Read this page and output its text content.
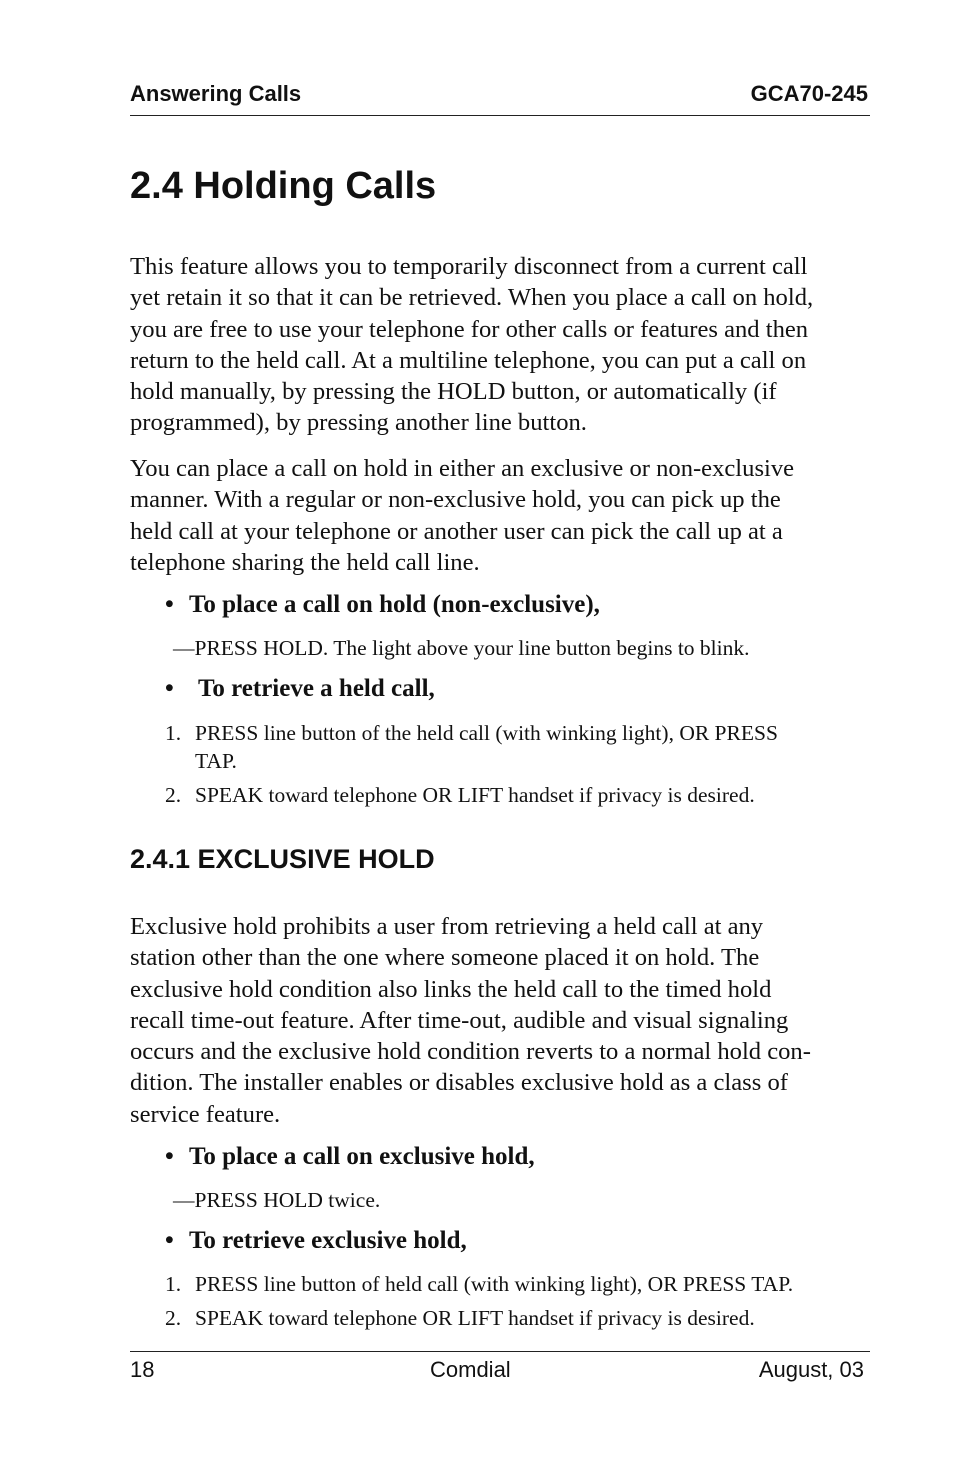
Answering Calls	GCA70-245
2.4 Holding Calls
This feature allows you to temporarily disconnect from a current call
yet retain it so that it can be retrieved. When you place a call on hold,
you are free to use your telephone for other calls or features and then
return to the held call. At a multiline telephone, you can put a call on
hold manually, by pressing the HOLD button, or automatically (if
programmed), by pressing another line button.
You can place a call on hold in either an exclusive or non-exclusive
manner. With a regular or non-exclusive hold, you can pick up the
held call at your telephone or another user can pick the call up at a
telephone sharing the held call line.
• To place a call on hold (non-exclusive),
—PRESS HOLD. The light above your line button begins to blink.
• To retrieve a held call,
1. PRESS line button of the held call (with winking light), OR PRESS
TAP.
2. SPEAK toward telephone OR LIFT handset if privacy is desired.
2.4.1 EXCLUSIVE HOLD
Exclusive hold prohibits a user from retrieving a held call at any
station other than the one where someone placed it on hold. The
exclusive hold condition also links the held call to the timed hold
recall time-out feature. After time-out, audible and visual signaling
occurs and the exclusive hold condition reverts to a normal hold con-
dition. The installer enables or disables exclusive hold as a class of
service feature.
• To place a call on exclusive hold,
—PRESS HOLD twice.
• To retrieve exclusive hold,
1. PRESS line button of held call (with winking light), OR PRESS TAP.
2. SPEAK toward telephone OR LIFT handset if privacy is desired.
18	Comdial	August, 03
